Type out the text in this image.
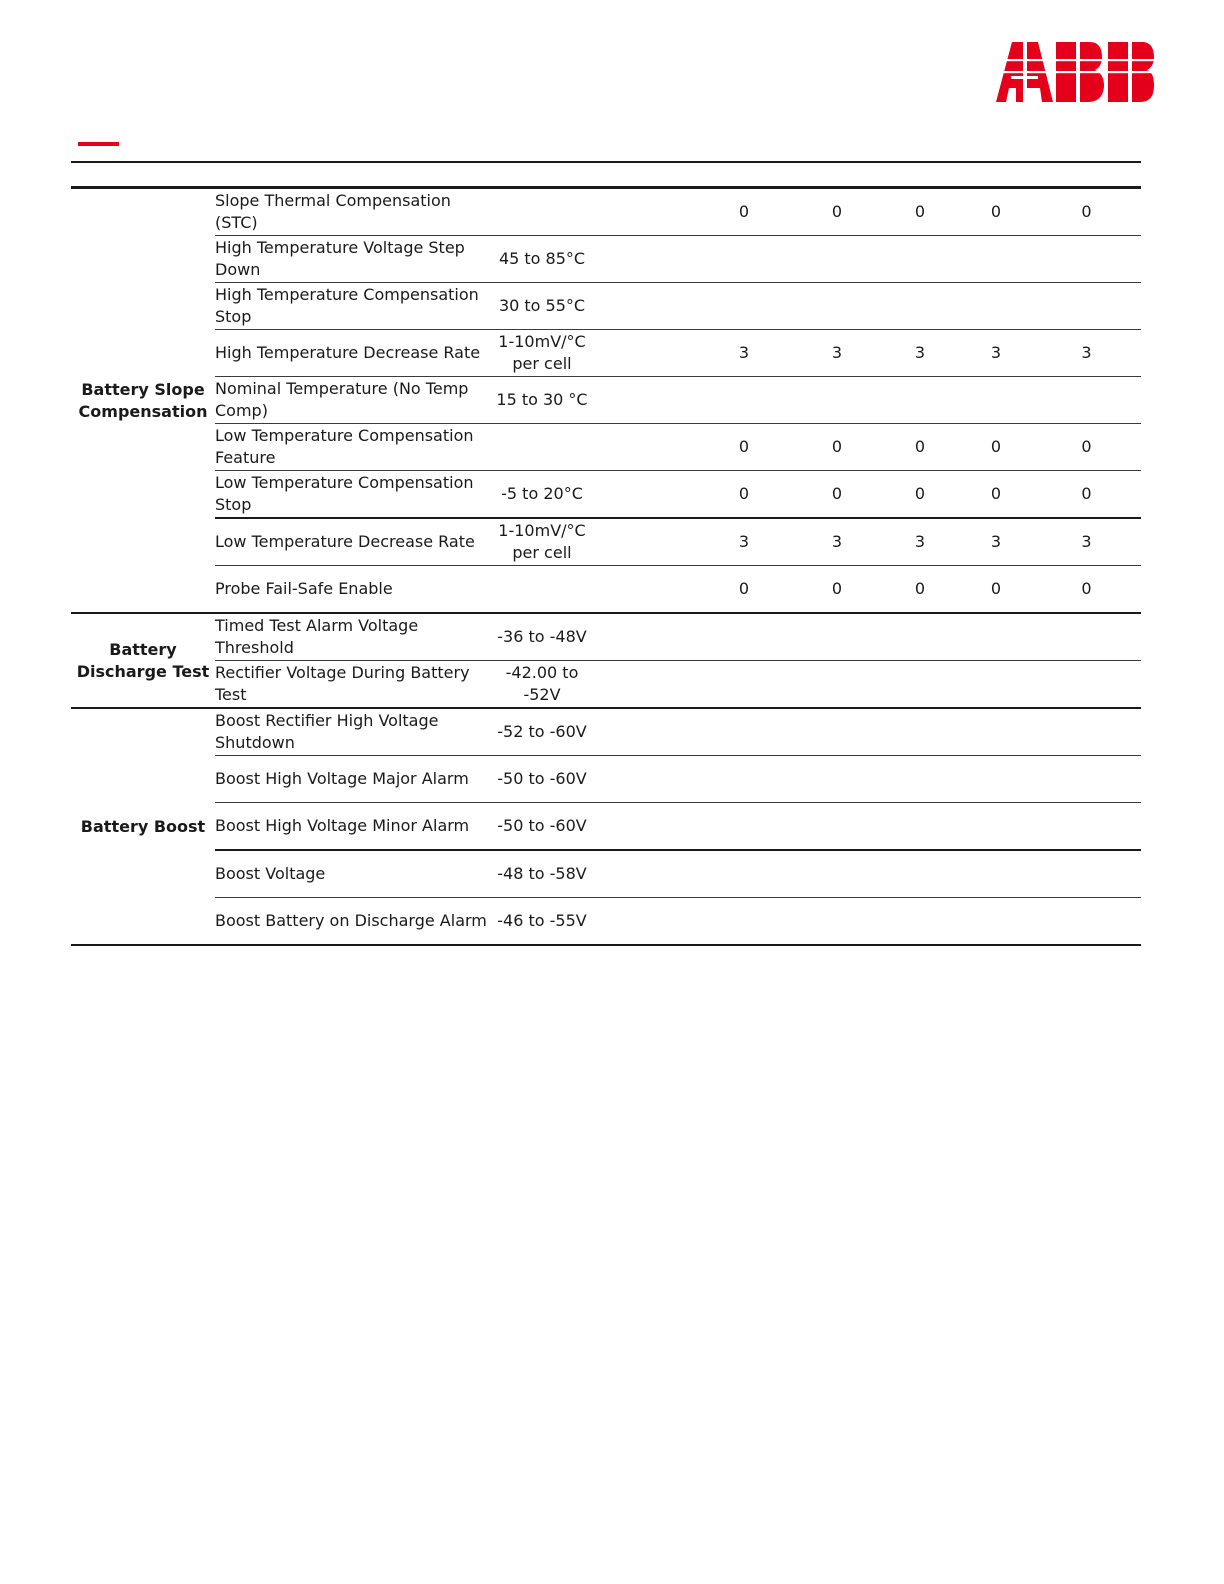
Battery Slope Compensation	Slope Thermal Compensation (STC)			0	0	0	0	0	
	High Temperature Voltage Step Down	45 to 85°C							
	High Temperature Compensation Stop	30 to 55°C							
	High Temperature Decrease Rate	1-10mV/°C per cell		3	3	3	3	3	
	Nominal Temperature (No Temp Comp)	15 to 30 °C							
	Low Temperature Compensation Feature			0	0	0	0	0	
	Low Temperature Compensation Stop	-5 to 20°C		0	0	0	0	0	
	Low Temperature Decrease Rate	1-10mV/°C per cell		3	3	3	3	3	
	Probe Fail-Safe Enable			0	0	0	0	0	
Battery Discharge Test	Timed Test Alarm Voltage Threshold	-36 to -48V							
	Rectifier Voltage During Battery Test	-42.00 to -52V							
Battery Boost	Boost Rectifier High Voltage Shutdown	-52 to -60V							
	Boost High Voltage Major Alarm	-50 to -60V							
	Boost High Voltage Minor Alarm	-50 to -60V							
	Boost Voltage	-48 to -58V							
	Boost Battery on Discharge Alarm	-46 to -55V							
